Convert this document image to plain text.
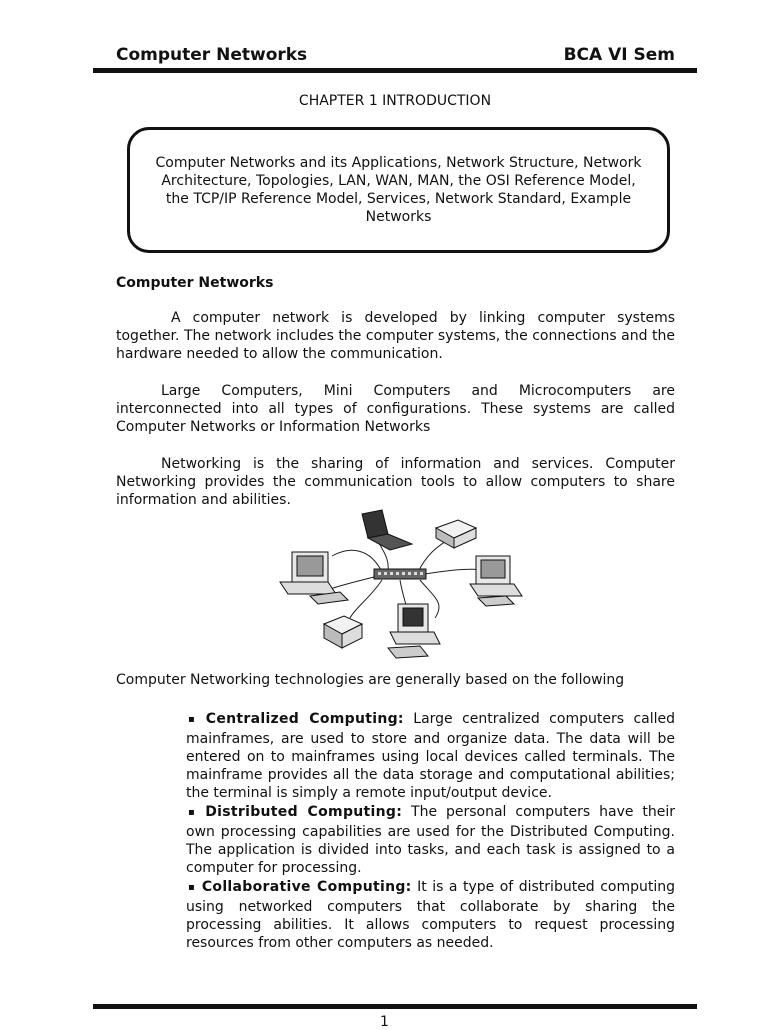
Computer Networks	BCA VI Sem
CHAPTER 1 INTRODUCTION
Computer Networks and its Applications, Network Structure, Network Architecture, Topologies, LAN, WAN, MAN, the OSI Reference Model, the TCP/IP Reference Model, Services, Network Standard, Example Networks
Computer Networks
A computer network is developed by linking computer systems together. The network includes the computer systems, the connections and the hardware needed to allow the communication.
Large Computers, Mini Computers and Microcomputers are interconnected into all types of configurations. These systems are called Computer Networks or Information Networks
Networking is the sharing of information and services. Computer Networking provides the communication tools to allow computers to share information and abilities.
Computer Networking technologies are generally based on the following
▪ Centralized Computing: Large centralized computers called mainframes, are used to store and organize data. The data will be entered on to mainframes using local devices called terminals. The mainframe provides all the data storage and computational abilities; the terminal is simply a remote input/output device.
▪ Distributed Computing: The personal computers have their own processing capabilities are used for the Distributed Computing. The application is divided into tasks, and each task is assigned to a computer for processing.
▪ Collaborative Computing: It is a type of distributed computing using networked computers that collaborate by sharing the processing abilities. It allows computers to request processing resources from other computers as needed.
1
